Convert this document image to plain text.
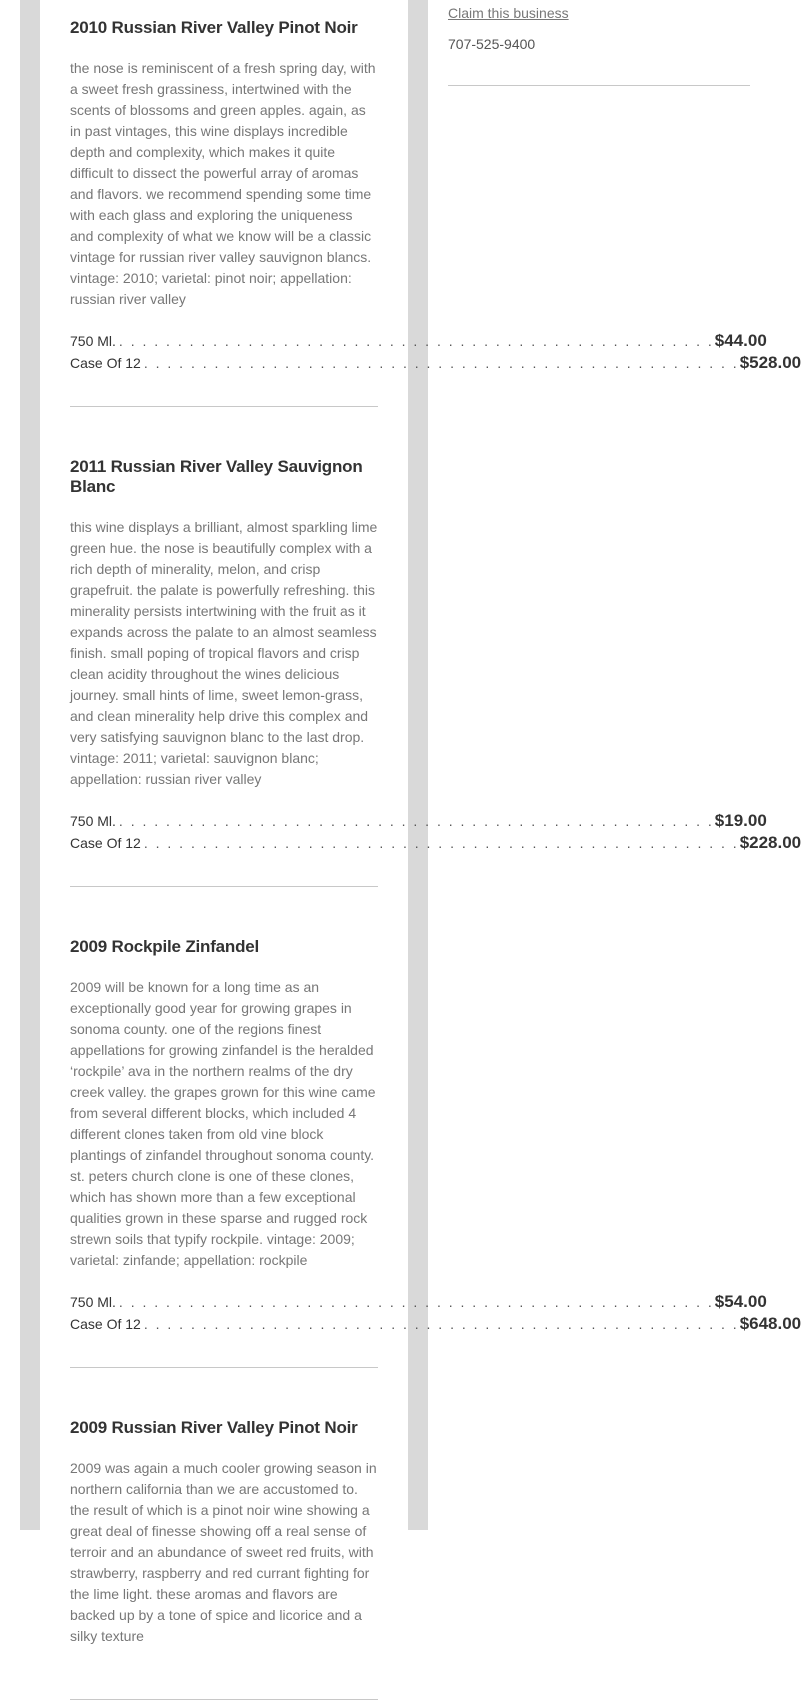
2010 Russian River Valley Pinot Noir
the nose is reminiscent of a fresh spring day, with a sweet fresh grassiness, intertwined with the scents of blossoms and green apples. again, as in past vintages, this wine displays incredible depth and complexity, which makes it quite difficult to dissect the powerful array of aromas and flavors. we recommend spending some time with each glass and exploring the uniqueness and complexity of what we know will be a classic vintage for russian river valley sauvignon blancs. vintage: 2010; varietal: pinot noir; appellation: russian river valley
750 Ml. . . .	$44.00
Case Of 12 . . .	$528.00
2011 Russian River Valley Sauvignon Blanc
this wine displays a brilliant, almost sparkling lime green hue. the nose is beautifully complex with a rich depth of minerality, melon, and crisp grapefruit. the palate is powerfully refreshing. this minerality persists intertwining with the fruit as it expands across the palate to an almost seamless finish. small poping of tropical flavors and crisp clean acidity throughout the wines delicious journey. small hints of lime, sweet lemon-grass, and clean minerality help drive this complex and very satisfying sauvignon blanc to the last drop. vintage: 2011; varietal: sauvignon blanc; appellation: russian river valley
750 Ml. . . .	$19.00
Case Of 12 . . .	$228.00
2009 Rockpile Zinfandel
2009 will be known for a long time as an exceptionally good year for growing grapes in sonoma county. one of the regions finest appellations for growing zinfandel is the heralded ‘rockpile’ ava in the northern realms of the dry creek valley. the grapes grown for this wine came from several different blocks, which included 4 different clones taken from old vine block plantings of zinfandel throughout sonoma county. st. peters church clone is one of these clones, which has shown more than a few exceptional qualities grown in these sparse and rugged rock strewn soils that typify rockpile. vintage: 2009; varietal: zinfande; appellation: rockpile
750 Ml. . . .	$54.00
Case Of 12 . . .	$648.00
2009 Russian River Valley Pinot Noir
2009 was again a much cooler growing season in northern california than we are accustomed to. the result of which is a pinot noir wine showing a great deal of finesse showing off a real sense of terroir and an abundance of sweet red fruits, with strawberry, raspberry and red currant fighting for the lime light. these aromas and flavors are backed up by a tone of spice and licorice and a silky texture
Claim this business
707-525-9400
